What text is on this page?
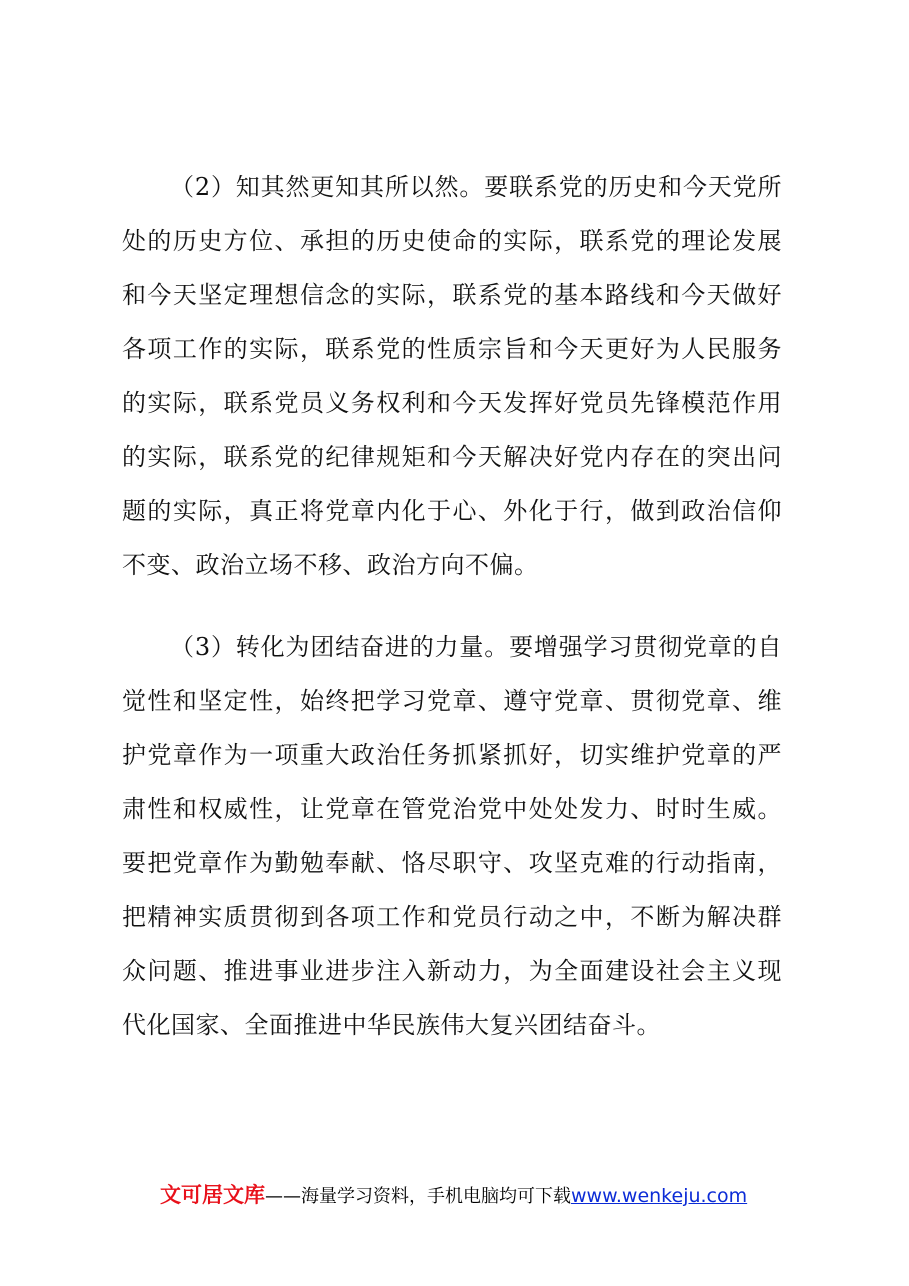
（2）知其然更知其所以然。要联系党的历史和今天党所处的历史方位、承担的历史使命的实际，联系党的理论发展和今天坚定理想信念的实际，联系党的基本路线和今天做好各项工作的实际，联系党的性质宗旨和今天更好为人民服务的实际，联系党员义务权利和今天发挥好党员先锋模范作用的实际，联系党的纪律规矩和今天解决好党内存在的突出问题的实际，真正将党章内化于心、外化于行，做到政治信仰不变、政治立场不移、政治方向不偏。

（3）转化为团结奋进的力量。要增强学习贯彻党章的自觉性和坚定性，始终把学习党章、遵守党章、贯彻党章、维护党章作为一项重大政治任务抓紧抓好，切实维护党章的严肃性和权威性，让党章在管党治党中处处发力、时时生威。要把党章作为勤勉奉献、恪尽职守、攻坚克难的行动指南，把精神实质贯彻到各项工作和党员行动之中，不断为解决群众问题、推进事业进步注入新动力，为全面建设社会主义现代化国家、全面推进中华民族伟大复兴团结奋斗。

文可居文库——海量学习资料，手机电脑均可下载www.wenkeju.com
